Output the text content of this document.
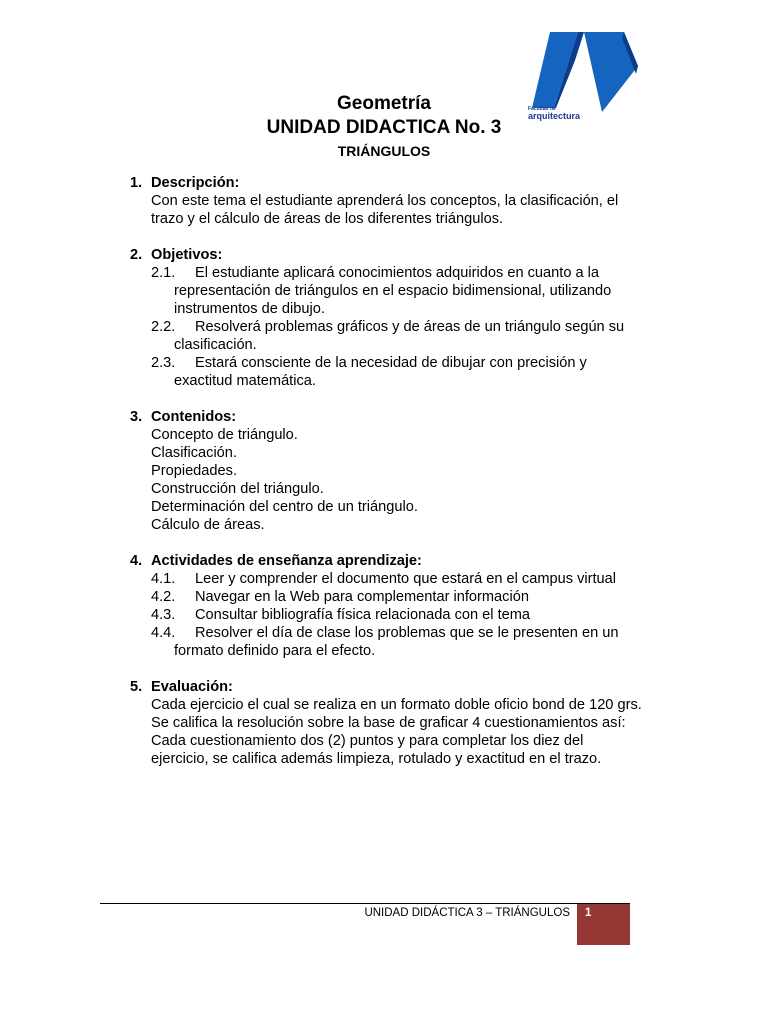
Facultad de
arquitectura
Geometría
UNIDAD DIDACTICA No. 3
TRIÁNGULOS
1. Descripción:
Con este tema el estudiante aprenderá los conceptos, la clasificación, el
trazo y el cálculo de áreas de los diferentes triángulos.
2. Objetivos:
2.1. El estudiante aplicará conocimientos adquiridos en cuanto a la
representación de triángulos en el espacio bidimensional, utilizando
instrumentos de dibujo.
2.2. Resolverá problemas gráficos y de áreas de un triángulo según su
clasificación.
2.3. Estará consciente de la necesidad de dibujar con precisión y
exactitud matemática.
3. Contenidos:
Concepto de triángulo.
Clasificación.
Propiedades.
Construcción del triángulo.
Determinación del centro de un triángulo.
Cálculo de áreas.
4. Actividades de enseñanza aprendizaje:
4.1. Leer y comprender el documento que estará en el campus virtual
4.2. Navegar en la Web para complementar información
4.3. Consultar bibliografía física relacionada con el tema
4.4. Resolver el día de clase los problemas que se le presenten en un
formato definido para el efecto.
5. Evaluación:
Cada ejercicio el cual se realiza en un formato doble oficio bond de 120 grs.
Se califica la resolución sobre la base de graficar 4 cuestionamientos así:
Cada cuestionamiento dos (2) puntos y para completar los diez del
ejercicio, se califica además limpieza, rotulado y exactitud en el trazo.
UNIDAD DIDÁCTICA 3 – TRIÁNGULOS 1
